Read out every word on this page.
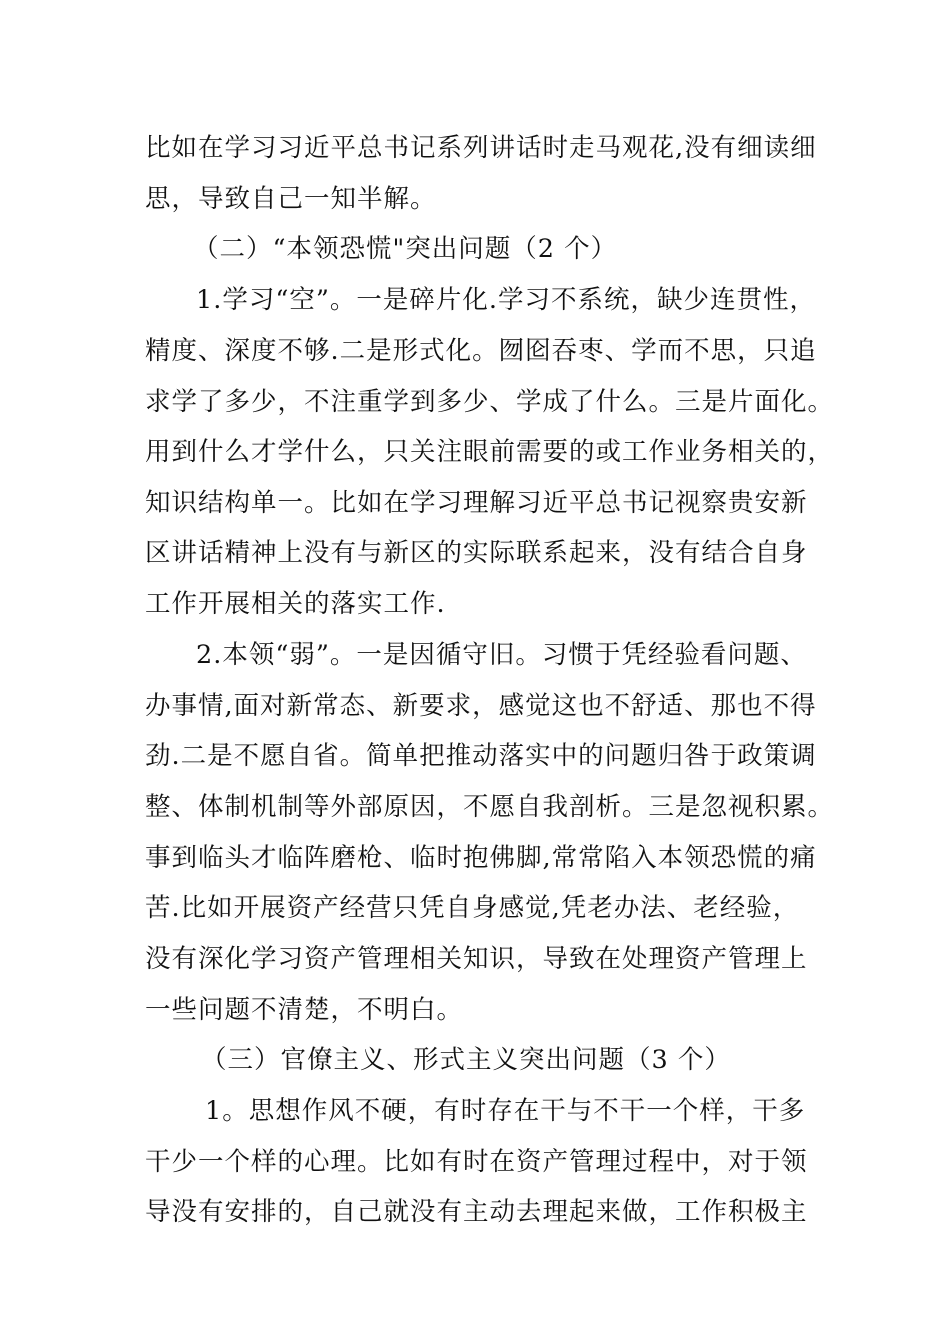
比如在学习习近平总书记系列讲话时走马观花,没有细读细
思，导致自己一知半解。
（二）“本领恐慌"突出问题（2 个）
1.学习“空”。一是碎片化.学习不系统，缺少连贯性，
精度、深度不够.二是形式化。囫囵吞枣、学而不思，只追
求学了多少，不注重学到多少、学成了什么。三是片面化。
用到什么才学什么，只关注眼前需要的或工作业务相关的，
知识结构单一。比如在学习理解习近平总书记视察贵安新
区讲话精神上没有与新区的实际联系起来，没有结合自身
工作开展相关的落实工作.
2.本领“弱”。一是因循守旧。习惯于凭经验看问题、
办事情,面对新常态、新要求，感觉这也不舒适、那也不得
劲.二是不愿自省。简单把推动落实中的问题归咎于政策调
整、体制机制等外部原因，不愿自我剖析。三是忽视积累。
事到临头才临阵磨枪、临时抱佛脚,常常陷入本领恐慌的痛
苦.比如开展资产经营只凭自身感觉,凭老办法、老经验，
没有深化学习资产管理相关知识，导致在处理资产管理上
一些问题不清楚，不明白。
（三）官僚主义、形式主义突出问题（3 个）
1。思想作风不硬，有时存在干与不干一个样，干多
干少一个样的心理。比如有时在资产管理过程中，对于领
导没有安排的，自己就没有主动去理起来做，工作积极主
